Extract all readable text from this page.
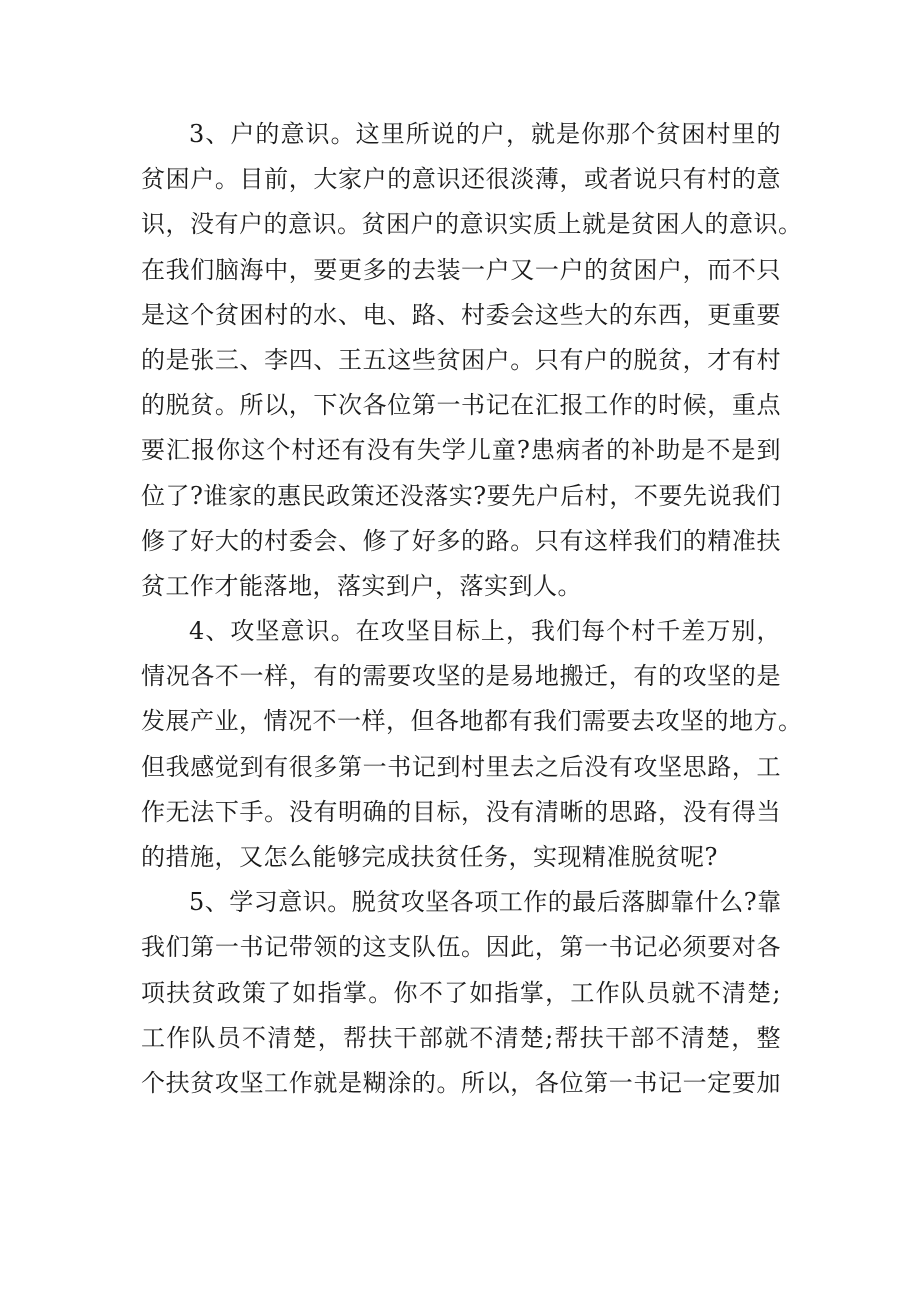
3、户的意识。这里所说的户，就是你那个贫困村里的
贫困户。目前，大家户的意识还很淡薄，或者说只有村的意
识，没有户的意识。贫困户的意识实质上就是贫困人的意识。
在我们脑海中，要更多的去装一户又一户的贫困户，而不只
是这个贫困村的水、电、路、村委会这些大的东西，更重要
的是张三、李四、王五这些贫困户。只有户的脱贫，才有村
的脱贫。所以，下次各位第一书记在汇报工作的时候，重点
要汇报你这个村还有没有失学儿童?患病者的补助是不是到
位了?谁家的惠民政策还没落实?要先户后村，不要先说我们
修了好大的村委会、修了好多的路。只有这样我们的精准扶
贫工作才能落地，落实到户，落实到人。
4、攻坚意识。在攻坚目标上，我们每个村千差万别，
情况各不一样，有的需要攻坚的是易地搬迁，有的攻坚的是
发展产业，情况不一样，但各地都有我们需要去攻坚的地方。
但我感觉到有很多第一书记到村里去之后没有攻坚思路，工
作无法下手。没有明确的目标，没有清晰的思路，没有得当
的措施，又怎么能够完成扶贫任务，实现精准脱贫呢?
5、学习意识。脱贫攻坚各项工作的最后落脚靠什么?靠
我们第一书记带领的这支队伍。因此，第一书记必须要对各
项扶贫政策了如指掌。你不了如指掌，工作队员就不清楚;
工作队员不清楚，帮扶干部就不清楚;帮扶干部不清楚，整
个扶贫攻坚工作就是糊涂的。所以，各位第一书记一定要加
